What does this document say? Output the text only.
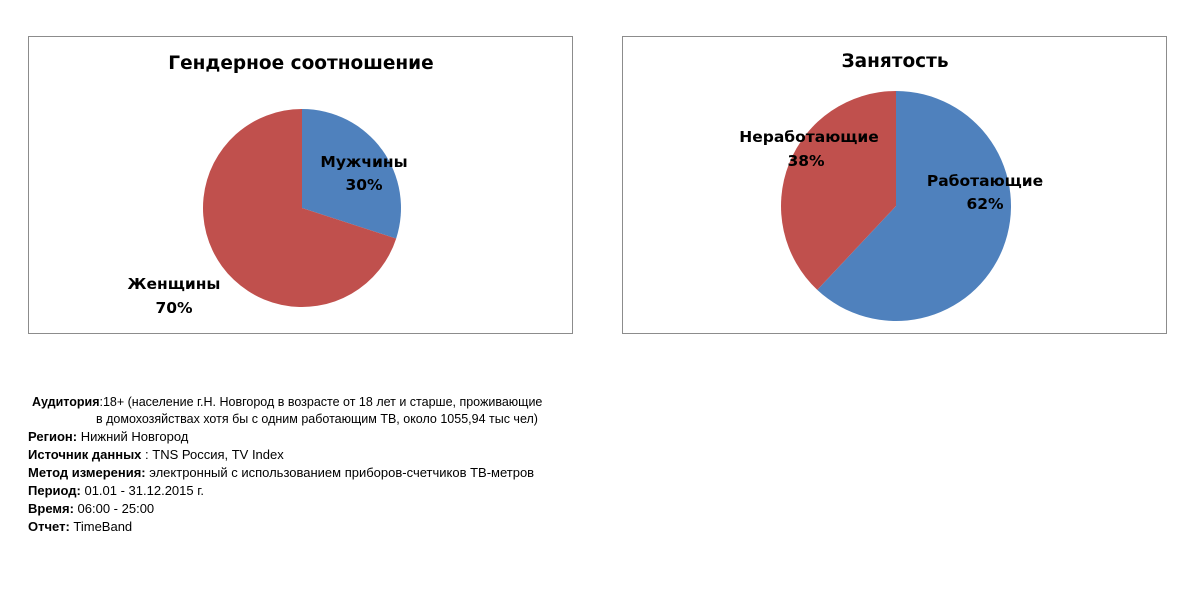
Гендерное соотношение
Мужчины
30%
Женщины
70%
Занятость
Работающие
62%
Неработающие
38%
Аудитория:18+ (население г.Н. Новгород в возрасте от 18 лет и старше, проживающие
в домохозяйствах хотя бы с одним работающим ТВ, около 1055,94 тыс чел)
Регион: Нижний Новгород
Источник данных : TNS Россия, TV Index
Метод измерения: электронный с использованием приборов-счетчиков ТВ-метров
Период: 01.01 - 31.12.2015 г.
Время: 06:00 - 25:00
Отчет: TimeBand
